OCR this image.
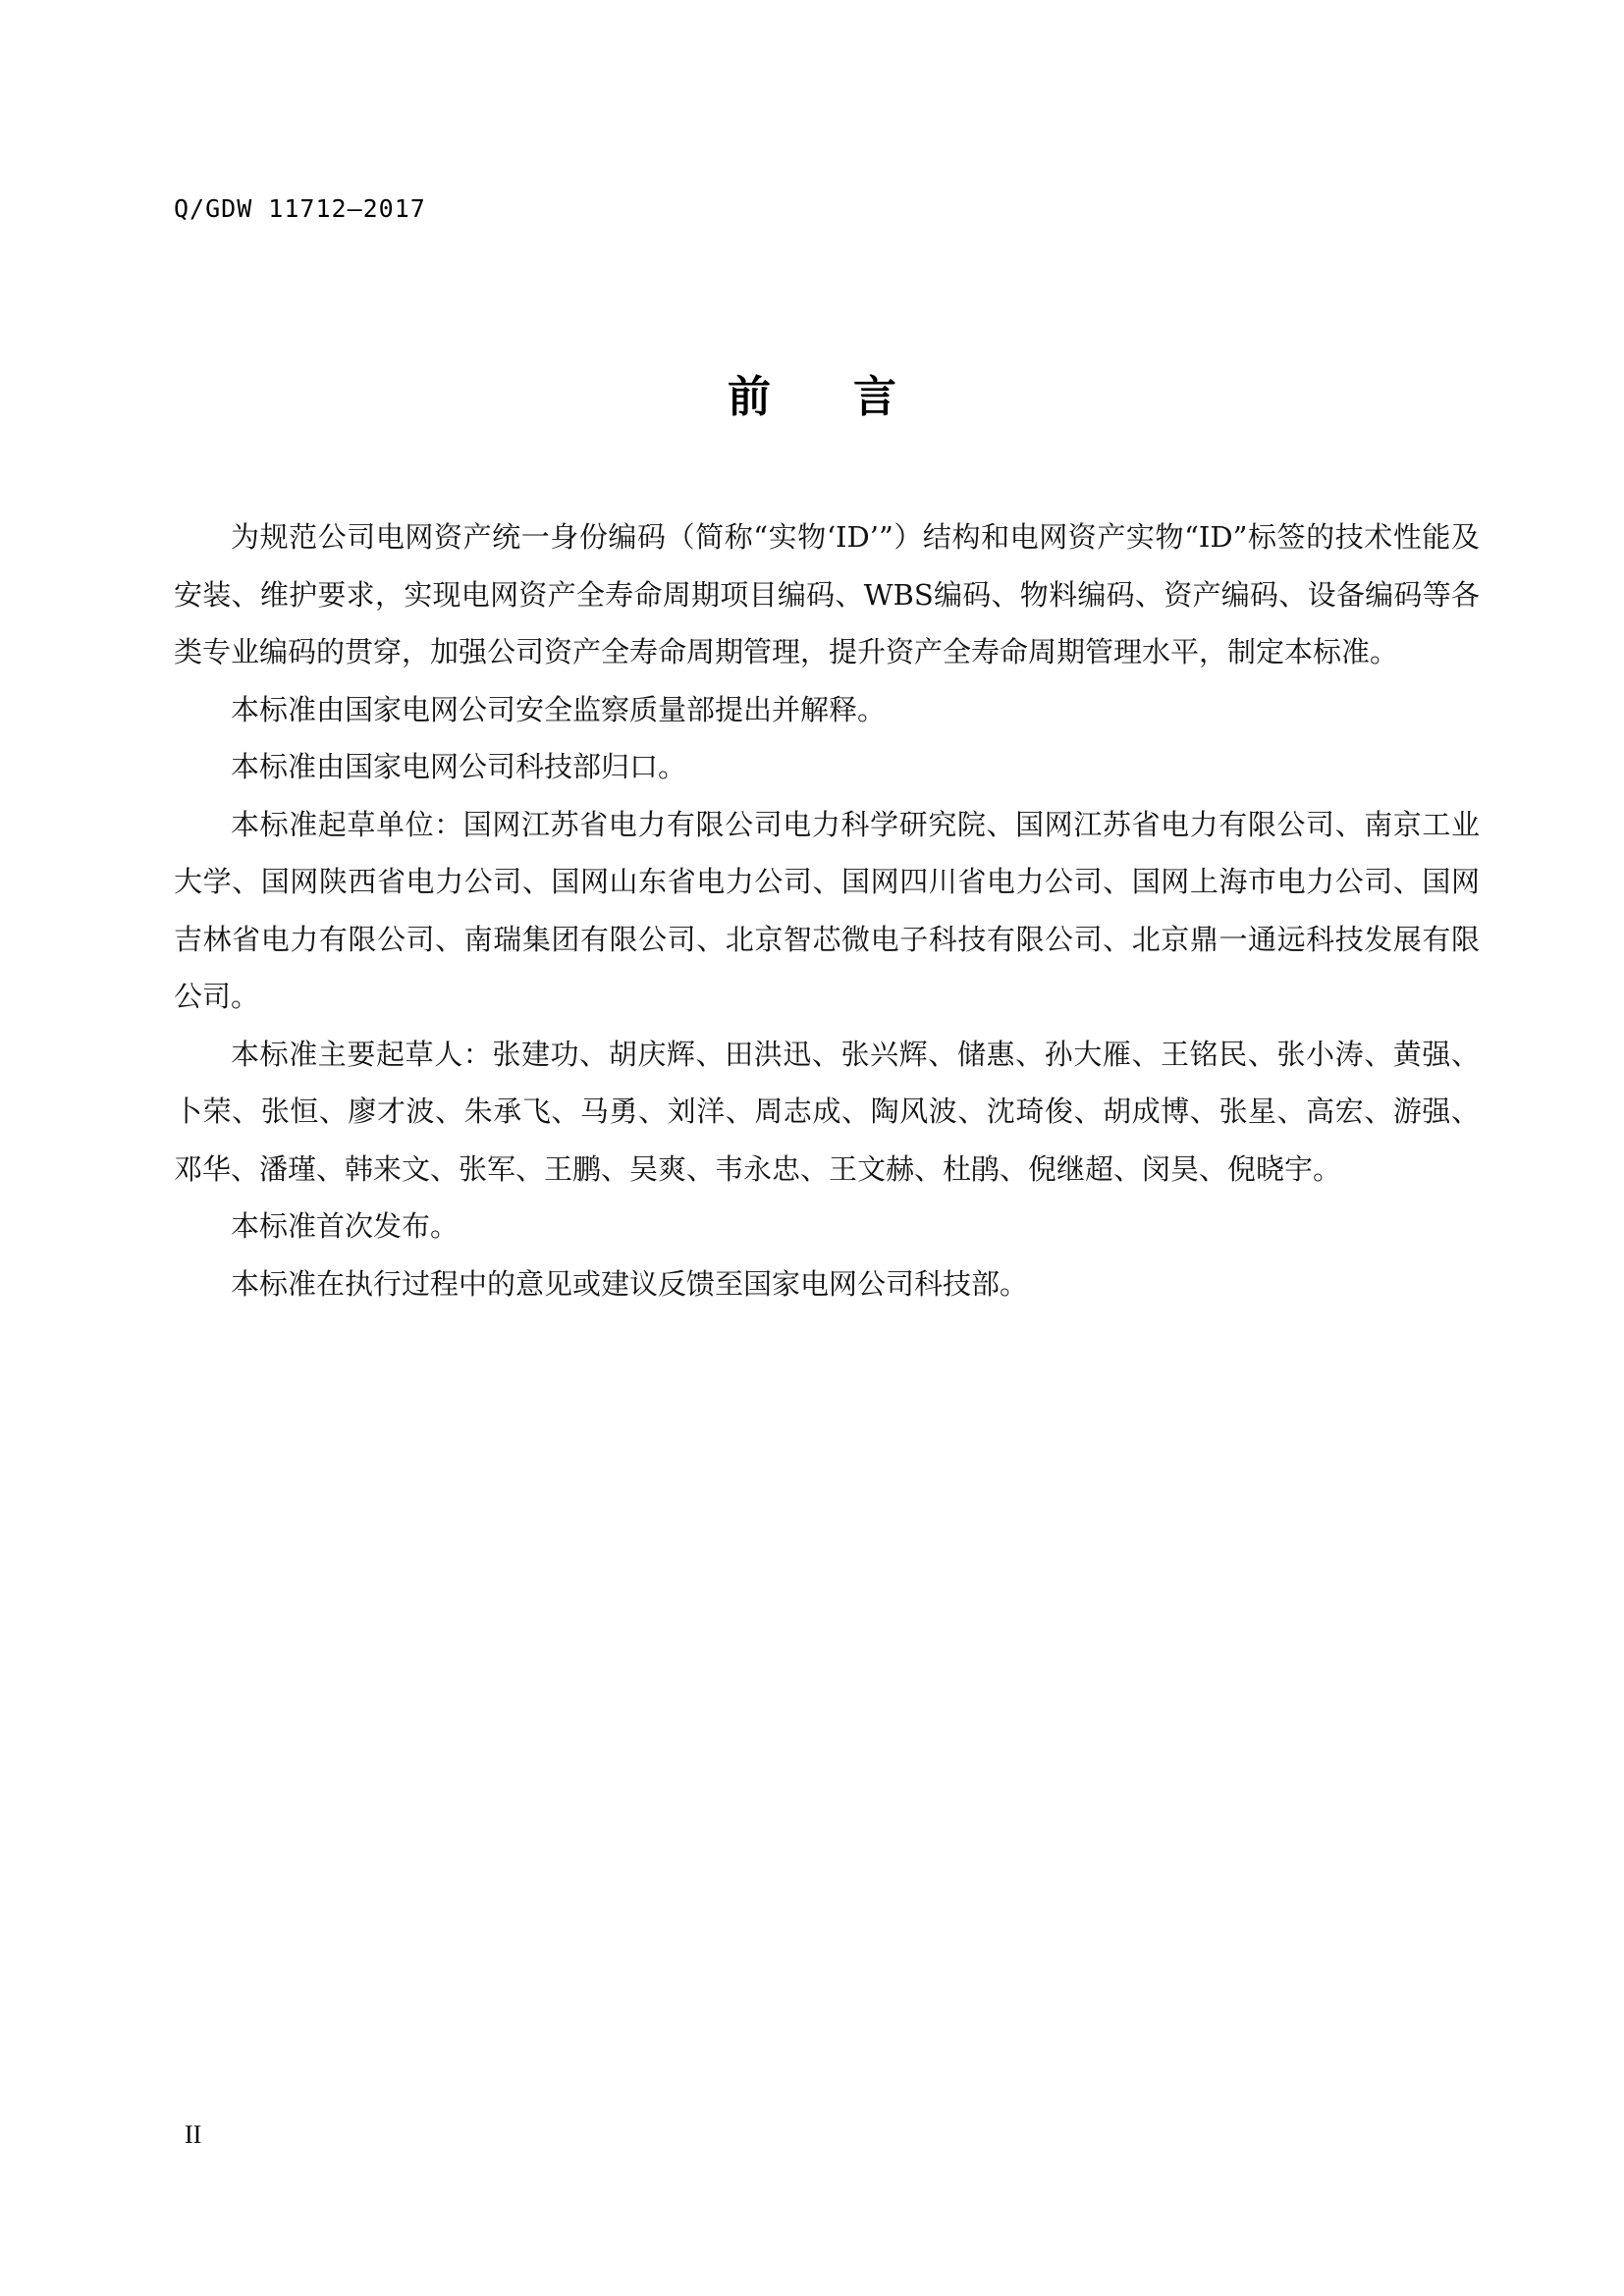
Q/GDW 11712—2017
前言

为规范公司电网资产统一身份编码（简称“实物‘ID’”）结构和电网资产实物“ID”标签的技术性能及安装、维护要求，实现电网资产全寿命周期项目编码、WBS编码、物料编码、资产编码、设备编码等各类专业编码的贯穿，加强公司资产全寿命周期管理，提升资产全寿命周期管理水平，制定本标准。

本标准由国家电网公司安全监察质量部提出并解释。

本标准由国家电网公司科技部归口。

本标准起草单位：国网江苏省电力有限公司电力科学研究院、国网江苏省电力有限公司、南京工业大学、国网陕西省电力公司、国网山东省电力公司、国网四川省电力公司、国网上海市电力公司、国网吉林省电力有限公司、南瑞集团有限公司、北京智芯微电子科技有限公司、北京鼎一通远科技发展有限公司。

本标准主要起草人：张建功、胡庆辉、田洪迅、张兴辉、储惠、孙大雁、王铭民、张小涛、黄强、卜荣、张恒、廖才波、朱承飞、马勇、刘洋、周志成、陶风波、沈琦俊、胡成博、张星、高宏、游强、邓华、潘瑾、韩来文、张军、王鹏、吴爽、韦永忠、王文赫、杜鹃、倪继超、闵昊、倪晓宇。

本标准首次发布。

本标准在执行过程中的意见或建议反馈至国家电网公司科技部。

II
